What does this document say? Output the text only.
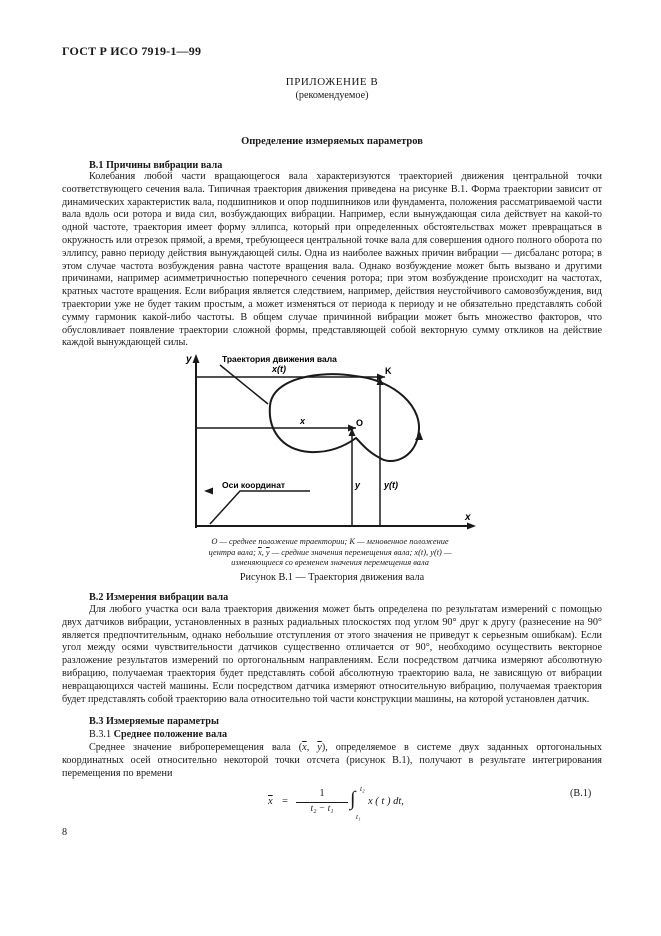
ГОСТ Р ИСО 7919-1—99
ПРИЛОЖЕНИЕ В
(рекомендуемое)
Определение измеряемых параметров
В.1 Причины вибрации вала
Колебания любой части вращающегося вала характеризуются траекторией движения центральной точки соответствующего сечения вала. Типичная траектория движения приведена на рисунке В.1. Форма траектории зависит от динамических характеристик вала, подшипников и опор подшипников или фундамента, положения рассматриваемой части вала вдоль оси ротора и вида сил, возбуждающих вибрации. Например, если вынуждающая сила действует на какой-то одной частоте, траектория имеет форму эллипса, который при определенных обстоятельствах может превращаться в окружность или отрезок прямой, а время, требующееся центральной точке вала для совершения одного полного оборота по эллипсу, равно периоду действия вынуждающей силы. Одна из наиболее важных причин вибрации — дисбаланс ротора; в этом случае частота возбуждения равна частоте вращения вала. Однако возбуждение может быть вызвано и другими причинами, например асимметричностью поперечного сечения ротора; при этом возбуждение происходит на частотах, кратных частоте вращения. Если вибрация является следствием, например, действия неустойчивого самовозбуждения, вид траектории уже не будет таким простым, а может изменяться от периода к периоду и не обязательно представлять собой сумму гармоник какой-либо частоты. В общем случае причинной вибрации может быть множество факторов, что обусловливает появление траектории сложной формы, представляющей собой векторную сумму откликов на действие каждой вынуждающей силы.
y
x
Траектория движения вала
x(t)	K
x	O
Оси координат	y	y(t)
О — среднее положение траектории; K — мгновенное положение
центра вала; $\overline{x}$, $\overline{y}$ — средние значения перемещения вала; x(t), y(t) —
изменяющиеся со временем значения перемещения вала
Рисунок В.1 — Траектория движения вала
В.2 Измерения вибрации вала
Для любого участка оси вала траектория движения может быть определена по результатам измерений с помощью двух датчиков вибрации, установленных в разных радиальных плоскостях под углом 90° друг к другу (разнесение на 90° является предпочтительным, однако небольшие отступления от этого значения не приведут к серьезным ошибкам). Если угол между осями чувствительности датчиков существенно отличается от 90°, необходимо осуществить векторное разложение результатов измерений по ортогональным направлениям. Если посредством датчика измеряют абсолютную вибрацию, получаемая траектория будет представлять собой абсолютную траекторию вала, не зависящую от вибрации невращающихся частей машины. Если посредством датчика измеряют относительную вибрацию, получаемая траектория будет представлять собой траекторию вала относительно той части конструкции машины, на которой установлен датчик.
В.3 Измеряемые параметры
В.3.1 Среднее положение вала
Среднее значение виброперемещения вала ($\overline{x}$, $\overline{y}$), определяемое в системе двух заданных ортогональных координатных осей относительно некоторой точки отсчета (рисунок В.1), получают в результате интегрирования перемещения по времени
$\overline{x}$ =
1
t₂ − t₁ ∫ t₂
t₁
x ( t ) dt,
(В.1)
8
